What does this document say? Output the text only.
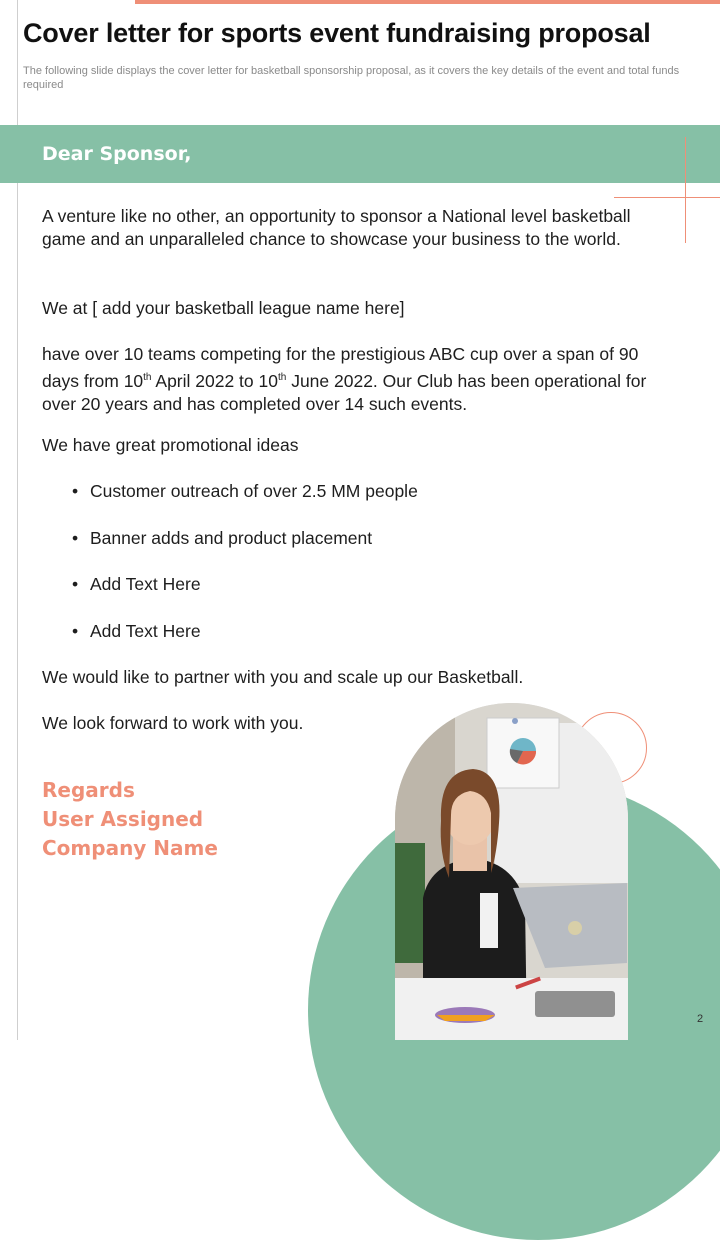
Cover letter for sports event fundraising proposal
The following slide displays the cover letter for basketball sponsorship proposal, as it covers the key details of the event and total funds required
Dear Sponsor,

A venture like no other, an opportunity to sponsor a National level basketball game and an unparalleled chance to showcase your business to the world.

We at [ add your basketball league name here]

have over 10 teams competing for the prestigious ABC cup over a span of 90 days from 10th April 2022 to 10th June 2022. Our Club has been operational for over 20 years and has completed over 14 such events.

We have great promotional ideas

• Customer outreach of over 2.5 MM people
• Banner adds and product placement
• Add Text Here
• Add Text Here

We would like to partner with you and scale up our Basketball.

We look forward to work with you.

Regards
User Assigned
Company Name
2
